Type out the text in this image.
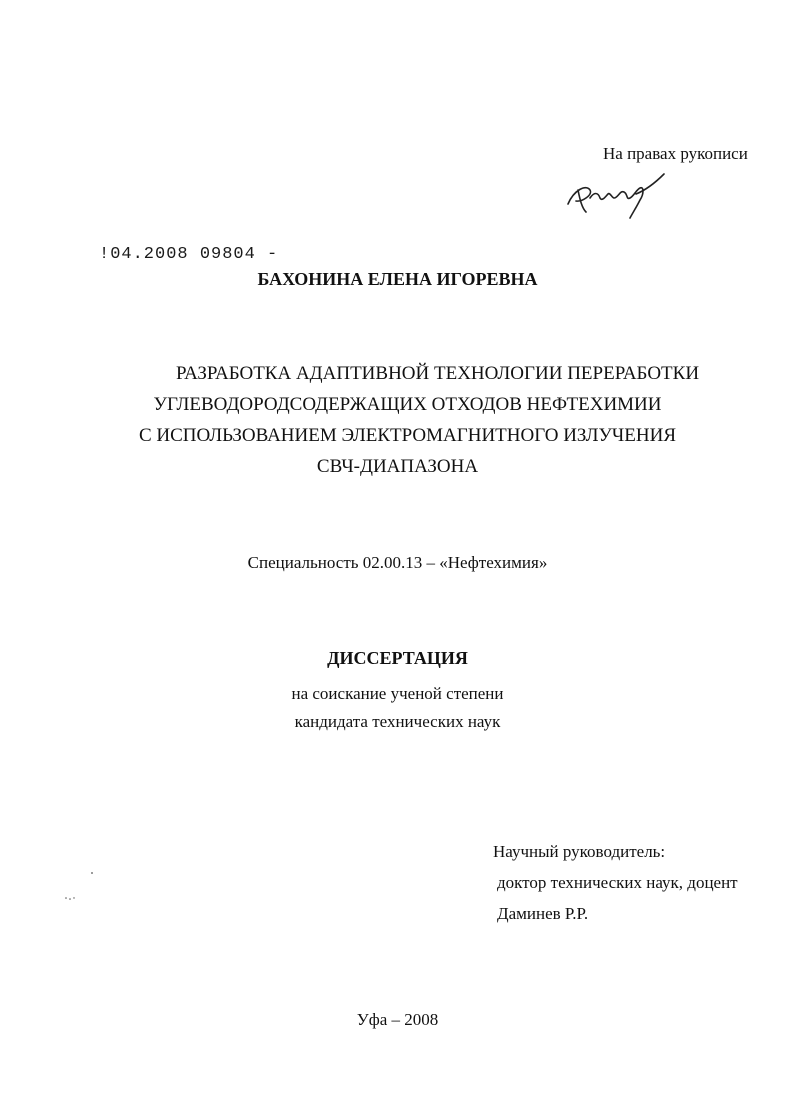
На правах рукописи
!04.2008 09804 -
БАХОНИНА ЕЛЕНА ИГОРЕВНА
РАЗРАБОТКА АДАПТИВНОЙ ТЕХНОЛОГИИ ПЕРЕРАБОТКИ
УГЛЕВОДОРОДСОДЕРЖАЩИХ ОТХОДОВ НЕФТЕХИМИИ
С ИСПОЛЬЗОВАНИЕМ ЭЛЕКТРОМАГНИТНОГО ИЗЛУЧЕНИЯ
СВЧ-ДИАПАЗОНА
Специальность 02.00.13 – «Нефтехимия»
ДИССЕРТАЦИЯ
на соискание ученой степени
кандидата технических наук
Научный руководитель:
доктор технических наук, доцент
Даминев Р.Р.
Уфа – 2008
